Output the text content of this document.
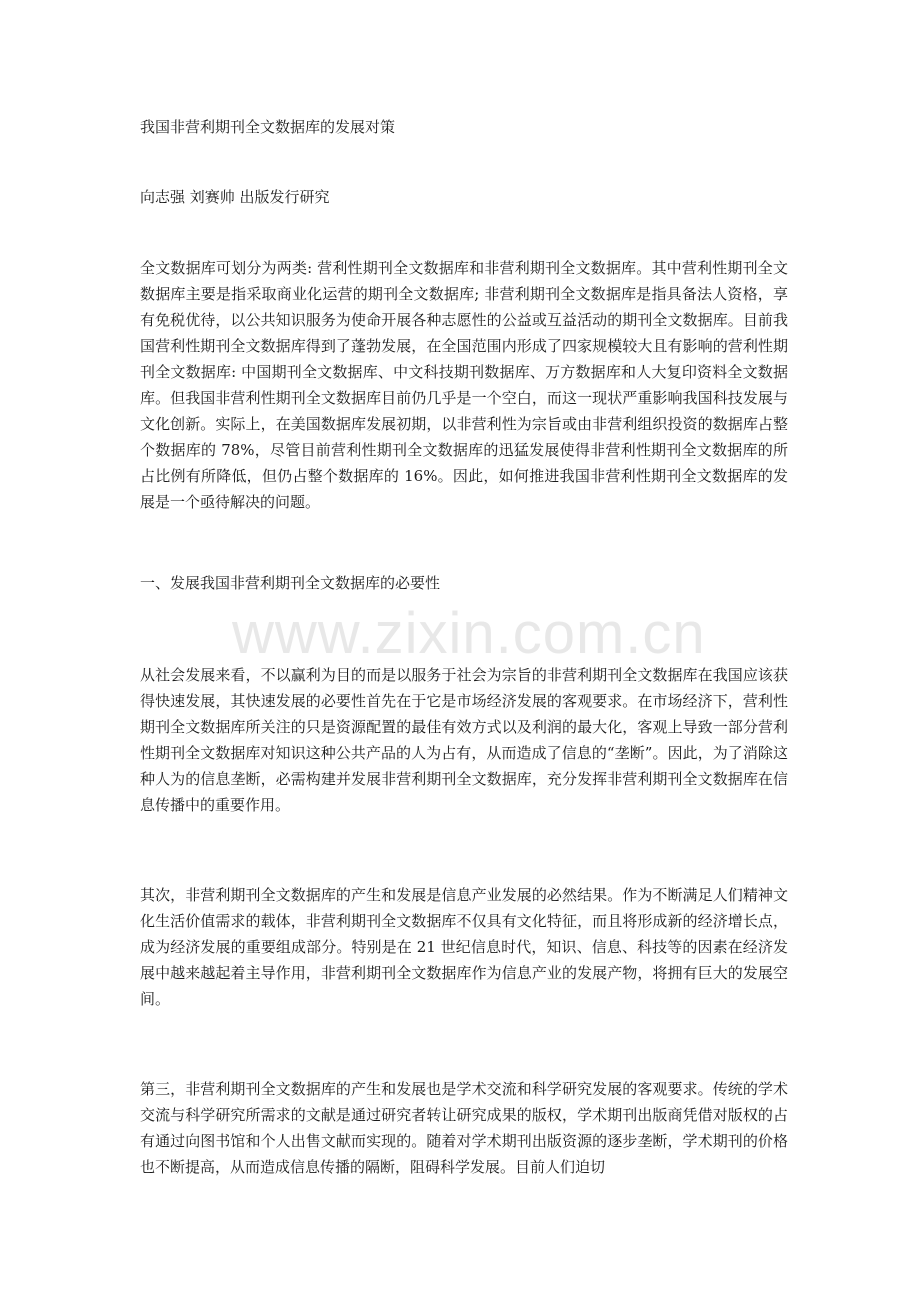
我国非营利期刊全文数据库的发展对策

向志强 刘赛帅 出版发行研究

全文数据库可划分为两类: 营利性期刊全文数据库和非营利期刊全文数据库。其中营利性期刊全文数据库主要是指采取商业化运营的期刊全文数据库; 非营利期刊全文数据库是指具备法人资格，享有免税优待，以公共知识服务为使命开展各种志愿性的公益或互益活动的期刊全文数据库。目前我国营利性期刊全文数据库得到了蓬勃发展，在全国范围内形成了四家规模较大且有影响的营利性期刊全文数据库: 中国期刊全文数据库、中文科技期刊数据库、万方数据库和人大复印资料全文数据库。但我国非营利性期刊全文数据库目前仍几乎是一个空白，而这一现状严重影响我国科技发展与文化创新。实际上，在美国数据库发展初期，以非营利性为宗旨或由非营利组织投资的数据库占整个数据库的 78%，尽管目前营利性期刊全文数据库的迅猛发展使得非营利性期刊全文数据库的所占比例有所降低，但仍占整个数据库的 16%。因此，如何推进我国非营利性期刊全文数据库的发展是一个亟待解决的问题。

一、发展我国非营利期刊全文数据库的必要性

www.zixin.com.cn

从社会发展来看，不以赢利为目的而是以服务于社会为宗旨的非营利期刊全文数据库在我国应该获得快速发展，其快速发展的必要性首先在于它是市场经济发展的客观要求。在市场经济下，营利性期刊全文数据库所关注的只是资源配置的最佳有效方式以及利润的最大化，客观上导致一部分营利性期刊全文数据库对知识这种公共产品的人为占有，从而造成了信息的“垄断”。因此，为了消除这种人为的信息垄断，必需构建并发展非营利期刊全文数据库，充分发挥非营利期刊全文数据库在信息传播中的重要作用。

其次，非营利期刊全文数据库的产生和发展是信息产业发展的必然结果。作为不断满足人们精神文化生活价值需求的载体，非营利期刊全文数据库不仅具有文化特征，而且将形成新的经济增长点，成为经济发展的重要组成部分。特别是在 21 世纪信息时代，知识、信息、科技等的因素在经济发展中越来越起着主导作用，非营利期刊全文数据库作为信息产业的发展产物，将拥有巨大的发展空间。

第三，非营利期刊全文数据库的产生和发展也是学术交流和科学研究发展的客观要求。传统的学术交流与科学研究所需求的文献是通过研究者转让研究成果的版权，学术期刊出版商凭借对版权的占有通过向图书馆和个人出售文献而实现的。随着对学术期刊出版资源的逐步垄断，学术期刊的价格也不断提高，从而造成信息传播的隔断，阻碍科学发展。目前人们迫切
